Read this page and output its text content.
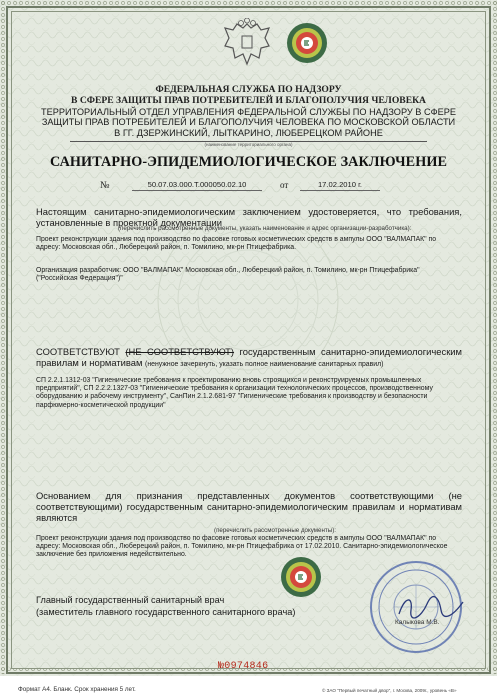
ФЕДЕРАЛЬНАЯ СЛУЖБА ПО НАДЗОРУ
В СФЕРЕ ЗАЩИТЫ ПРАВ ПОТРЕБИТЕЛЕЙ И БЛАГОПОЛУЧИЯ ЧЕЛОВЕКА
ТЕРРИТОРИАЛЬНЫЙ ОТДЕЛ УПРАВЛЕНИЯ ФЕДЕРАЛЬНОЙ СЛУЖБЫ ПО НАДЗОРУ В СФЕРЕ ЗАЩИТЫ ПРАВ ПОТРЕБИТЕЛЕЙ И БЛАГОПОЛУЧИЯ ЧЕЛОВЕКА ПО МОСКОВСКОЙ ОБЛАСТИ В ГГ. ДЗЕРЖИНСКИЙ, ЛЫТКАРИНО, ЛЮБЕРЕЦКОМ РАЙОНЕ
(наименование территориального органа)
САНИТАРНО-ЭПИДЕМИОЛОГИЧЕСКОЕ ЗАКЛЮЧЕНИЕ
№	50.07.03.000.Т.000050.02.10	от	17.02.2010 г.
Настоящим санитарно-эпидемиологическим заключением удостоверяется, что требования, установленные в проектной документации
(перечислить рассмотренные документы, указать наименование и адрес организации-разработчика):
Проект реконструкции здания под производство по фасовке готовых косметических средств в ампулы ООО "ВАЛМАПАК" по адресу: Московская обл., Люберецкий район, п. Томилино, мк-рн Птицефабрика.
Организация разработчик: ООО "ВАЛМАПАК" Московская обл., Люберецкий район, п. Томилино, мк-рн Птицефабрика" ("Российская Федерация")"
СООТВЕТСТВУЮТ (НЕ СООТВЕТСТВУЮТ) государственным санитарно-эпидемиологическим правилам и нормативам (ненужное зачеркнуть, указать полное наименование санитарных правил)
СП 2.2.1.1312-03 "Гигиенические требования к проектированию вновь строящихся и реконструируемых промышленных предприятий", СП 2.2.2.1327-03 "Гигиенические требования к организации технологических процессов, производственному оборудованию и рабочему инструменту", СанПин 2.1.2.681-97 "Гигиенические требования к производству и безопасности парфюмерно-косметической продукции"
Основанием для признания представленных документов соответствующими (не соответствующими) государственным санитарно-эпидемиологическим правилам и нормативам являются
(перечислить рассмотренные документы):
Проект реконструкции здания под производство по фасовке готовых косметических средств в ампулы ООО "ВАЛМАПАК" по адресу: Московская обл., Люберецкий район, п. Томилино, мк-рн Птицефабрика от 17.02.2010. Санитарно-эпидемиологическое заключение без приложения недействительно.
Главный государственный санитарный врач
(заместитель главного государственного санитарного врача)
Калыкова М.В.
№0974846
Формат А4. Бланк. Срок хранения 5 лет.	© ЗАО "Первый печатный двор", г. Москва, 2009г., уровень «В»
